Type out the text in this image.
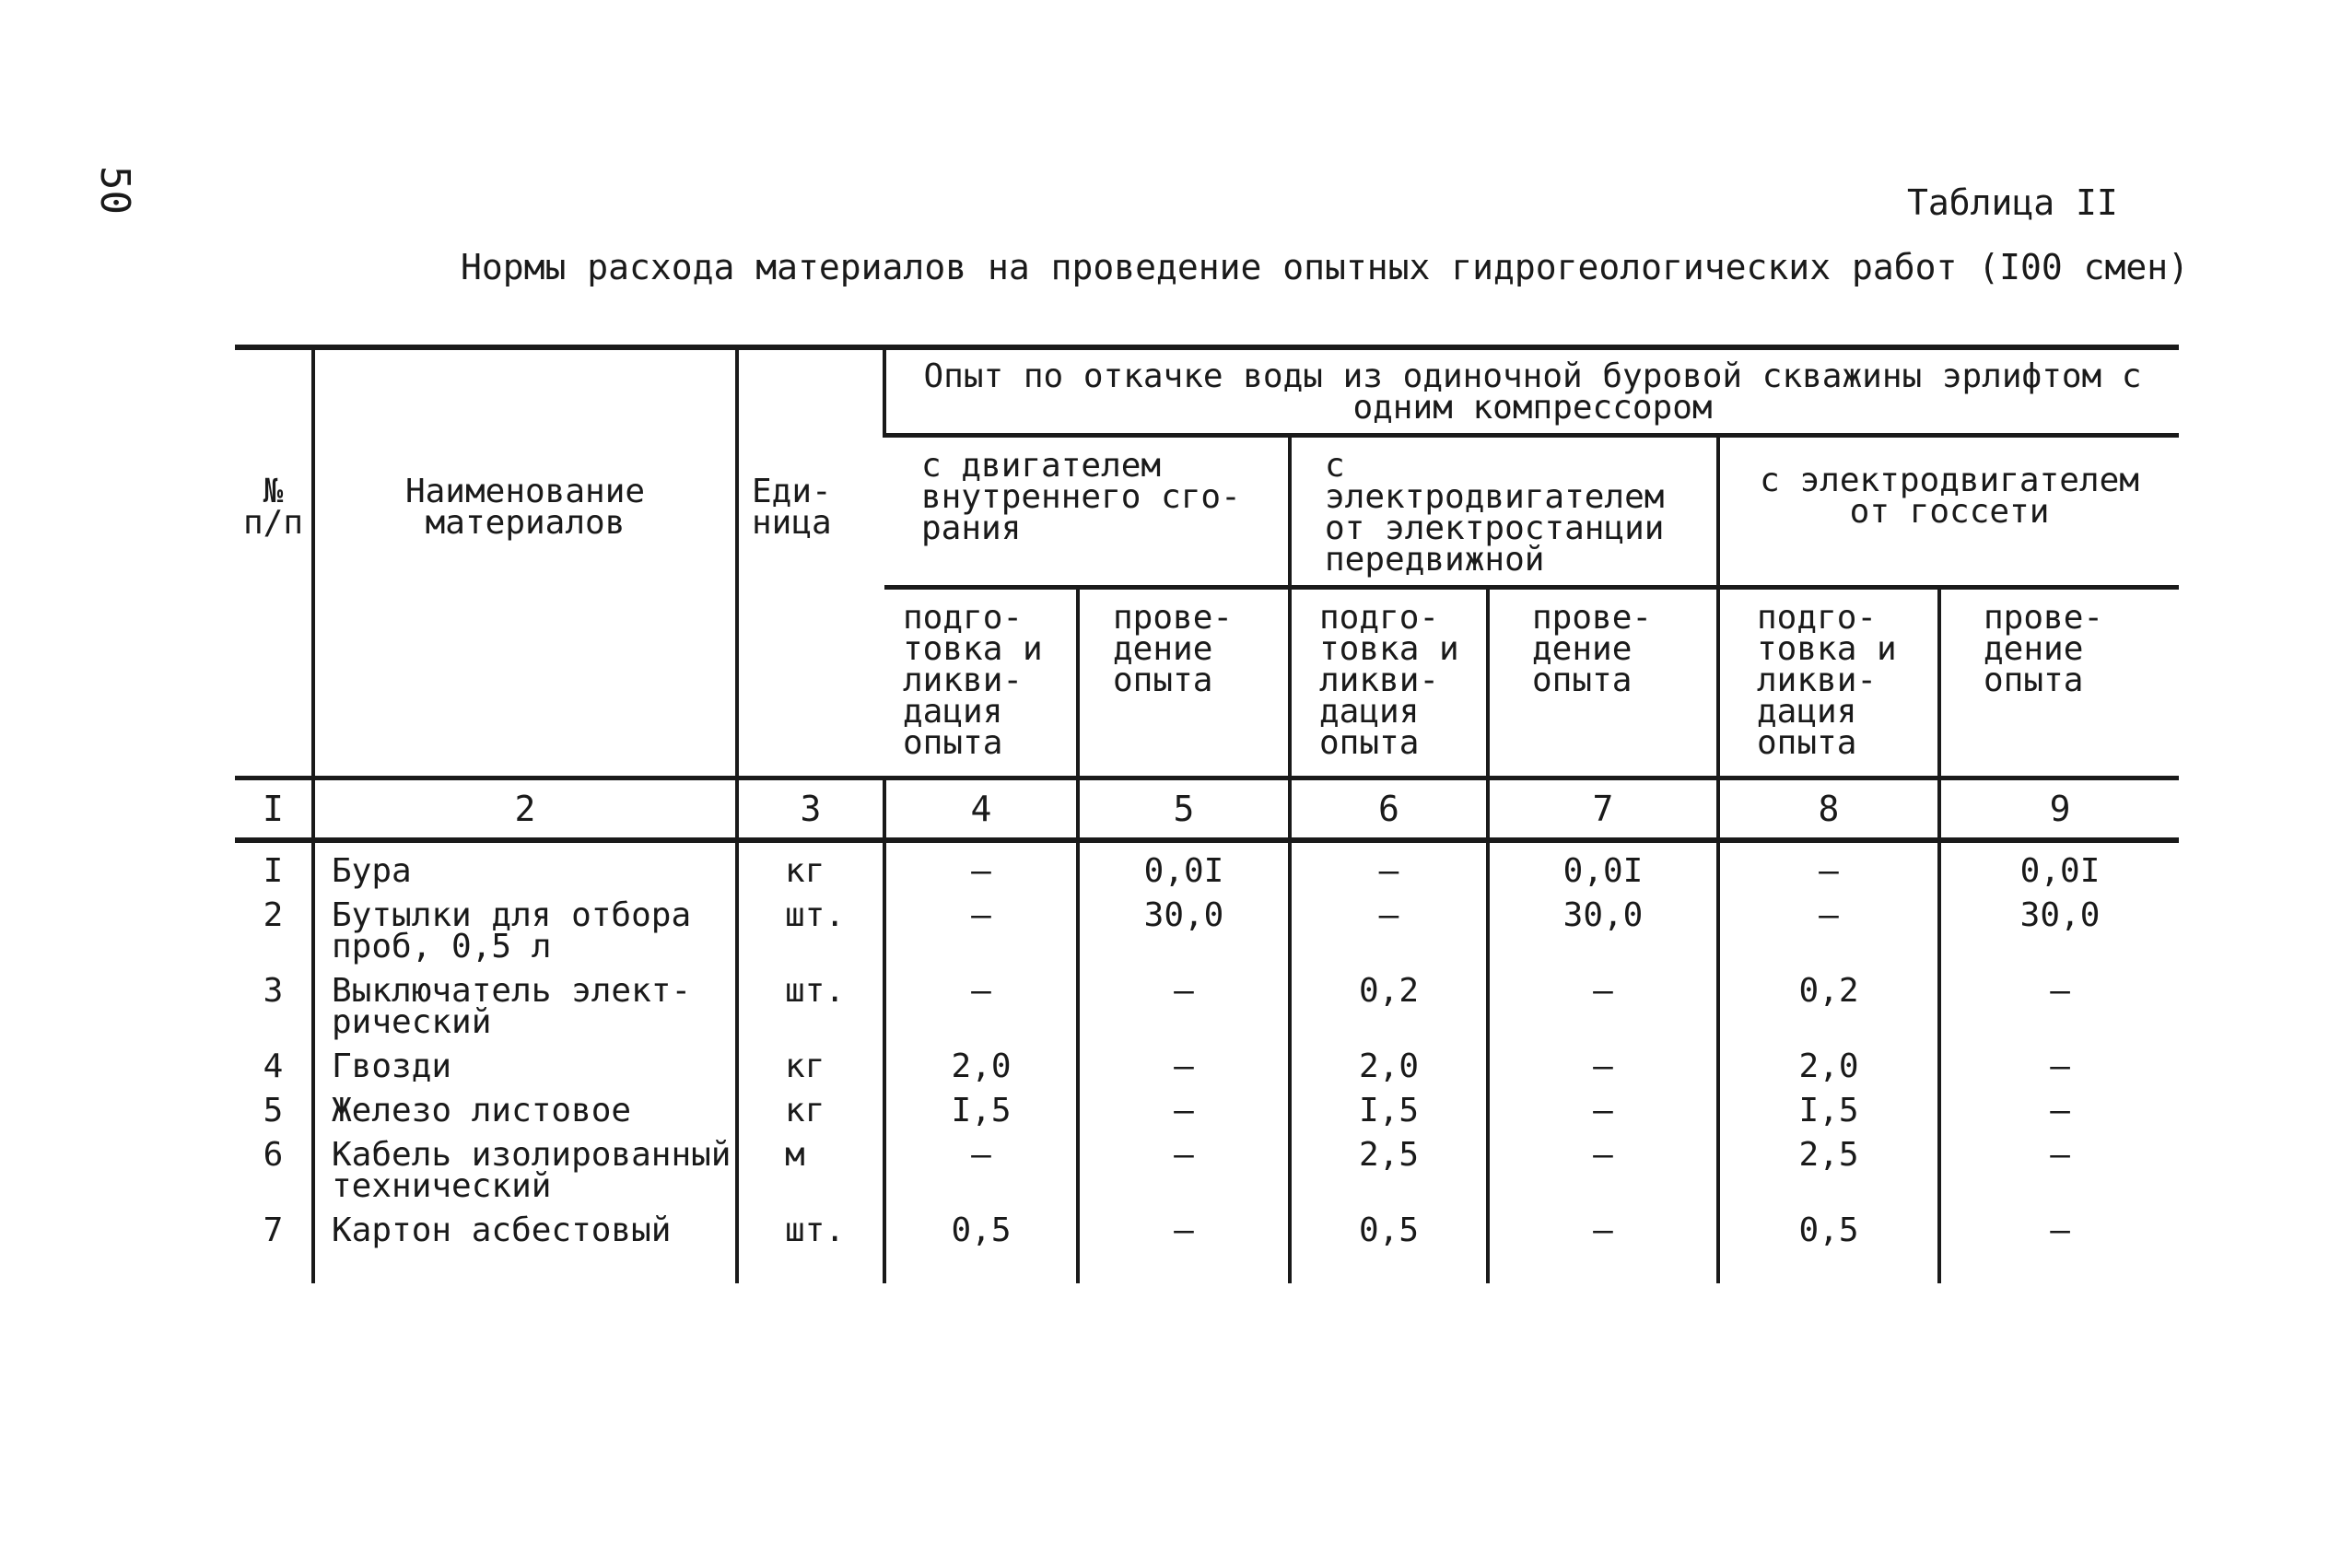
50	Таблица II
Нормы расхода материалов на проведение опытных гидрогеологических работ (I00 смен)
№ п/п	Наименование материалов	Еди-ница	Опыт по откачке воды из одиночной буровой скважины эрлифтом с одним компрессором					
			с двигателем внутреннего сго-рания		с электродвигателем от электростанции передвижной		с электродвигателем от госсети	
			подго-товка и ликви-дация опыта	прове-дение опыта	подго-товка и ликви-дация опыта	прове-дение опыта	подго-товка и ликви-дация опыта	прове-дение опыта
I	2	3	4	5	6	7	8	9
I	Бура	кг	–	0,0I	–	0,0I	–	0,0I
2	Бутылки для отбора проб, 0,5 л	шт.	–	30,0	–	30,0	–	30,0
3	Выключатель элект-рический	шт.	–	–	0,2	–	0,2	–
4	Гвозди	кг	2,0	–	2,0	–	2,0	–
5	Железо листовое	кг	I,5	–	I,5	–	I,5	–
6	Кабель изолированный технический	м	–	–	2,5	–	2,5	–
7	Картон асбестовый	шт.	0,5	–	0,5	–	0,5	–
